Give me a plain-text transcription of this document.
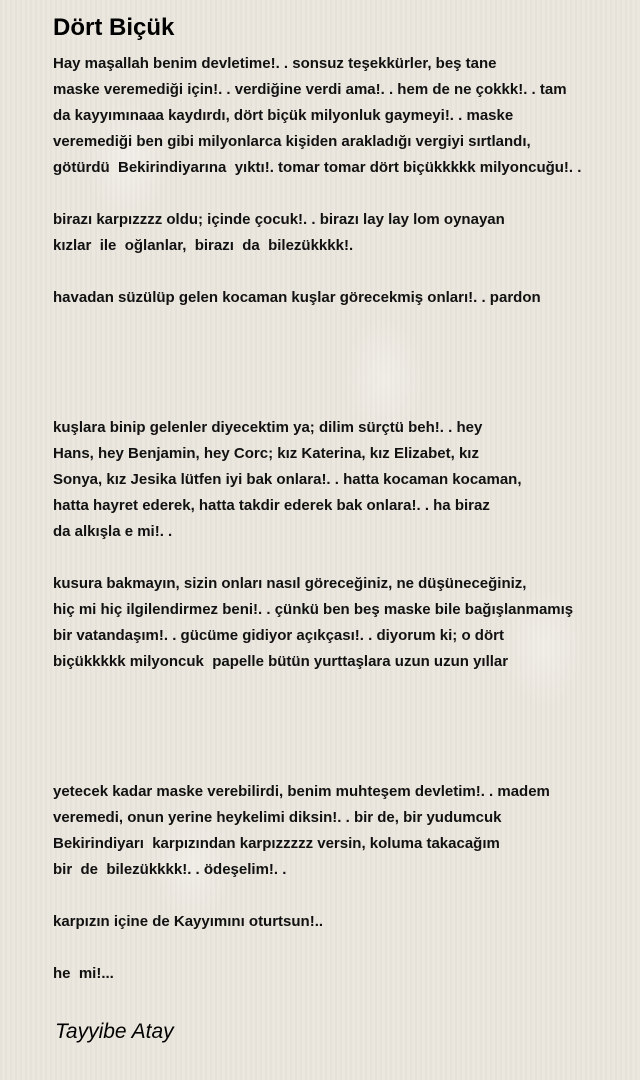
Dört Biçük
Hay maşallah benim devletime!. . sonsuz teşekkürler, beş tane
maske veremediği için!. . verdiğine verdi ama!. . hem de ne çokkk!. . tam
da kayyımınaaa kaydırdı, dört biçük milyonluk gaymeyi!. . maske
veremediği ben gibi milyonlarca kişiden arakladığı vergiyi sırtlandı,
götürdü  Bekirindiyarına  yıktı!. tomar tomar dört biçükkkkk milyoncuğu!. .
birazı karpızzzz oldu; içinde çocuk!. . birazı lay lay lom oynayan
kızlar  ile  oğlanlar,  birazı  da  bilezükkkk!.
havadan süzülüp gelen kocaman kuşlar görecekmiş onları!. . pardon
kuşlara binip gelenler diyecektim ya; dilim sürçtü beh!. . hey
Hans, hey Benjamin, hey Corc; kız Katerina, kız Elizabet, kız
Sonya, kız Jesika lütfen iyi bak onlara!. . hatta kocaman kocaman,
hatta hayret ederek, hatta takdir ederek bak onlara!. . ha biraz
da alkışla e mi!. .
kusura bakmayın, sizin onları nasıl göreceğiniz, ne düşüneceğiniz,
hiç mi hiç ilgilendirmez beni!. . çünkü ben beş maske bile bağışlanmamış
bir vatandaşım!. . gücüme gidiyor açıkçası!. . diyorum ki; o dört
biçükkkkk milyoncuk  papelle bütün yurttaşlara uzun uzun yıllar
yetecek kadar maske verebilirdi, benim muhteşem devletim!. . madem
veremedi, onun yerine heykelimi diksin!. . bir de, bir yudumcuk
Bekirindiyarı  karpızından karpızzzzz versin, koluma takacağım
bir  de  bilezükkkk!. . ödeşelim!. .
karpızın içine de Kayyımını oturtsun!..
he  mi!...
Tayyibe Atay
